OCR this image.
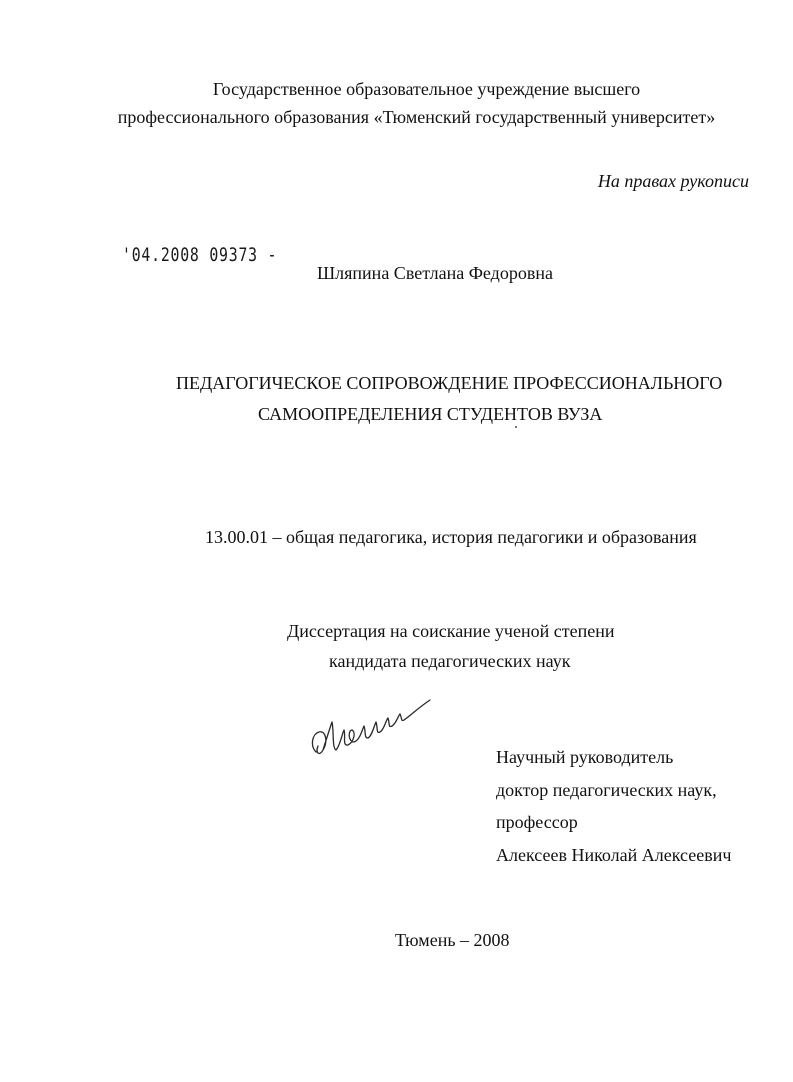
Государственное образовательное учреждение высшего
профессионального образования «Тюменский государственный университет»
На правах рукописи
'04.2008 09373 -
Шляпина Светлана Федоровна
ПЕДАГОГИЧЕСКОЕ СОПРОВОЖДЕНИЕ ПРОФЕССИОНАЛЬНОГО
САМООПРЕДЕЛЕНИЯ СТУДЕНТОВ ВУЗА
13.00.01 – общая педагогика, история педагогики и образования
Диссертация на соискание ученой степени
кандидата педагогических наук
Научный руководитель
доктор педагогических наук,
профессор
Алексеев Николай Алексеевич
Тюмень – 2008
